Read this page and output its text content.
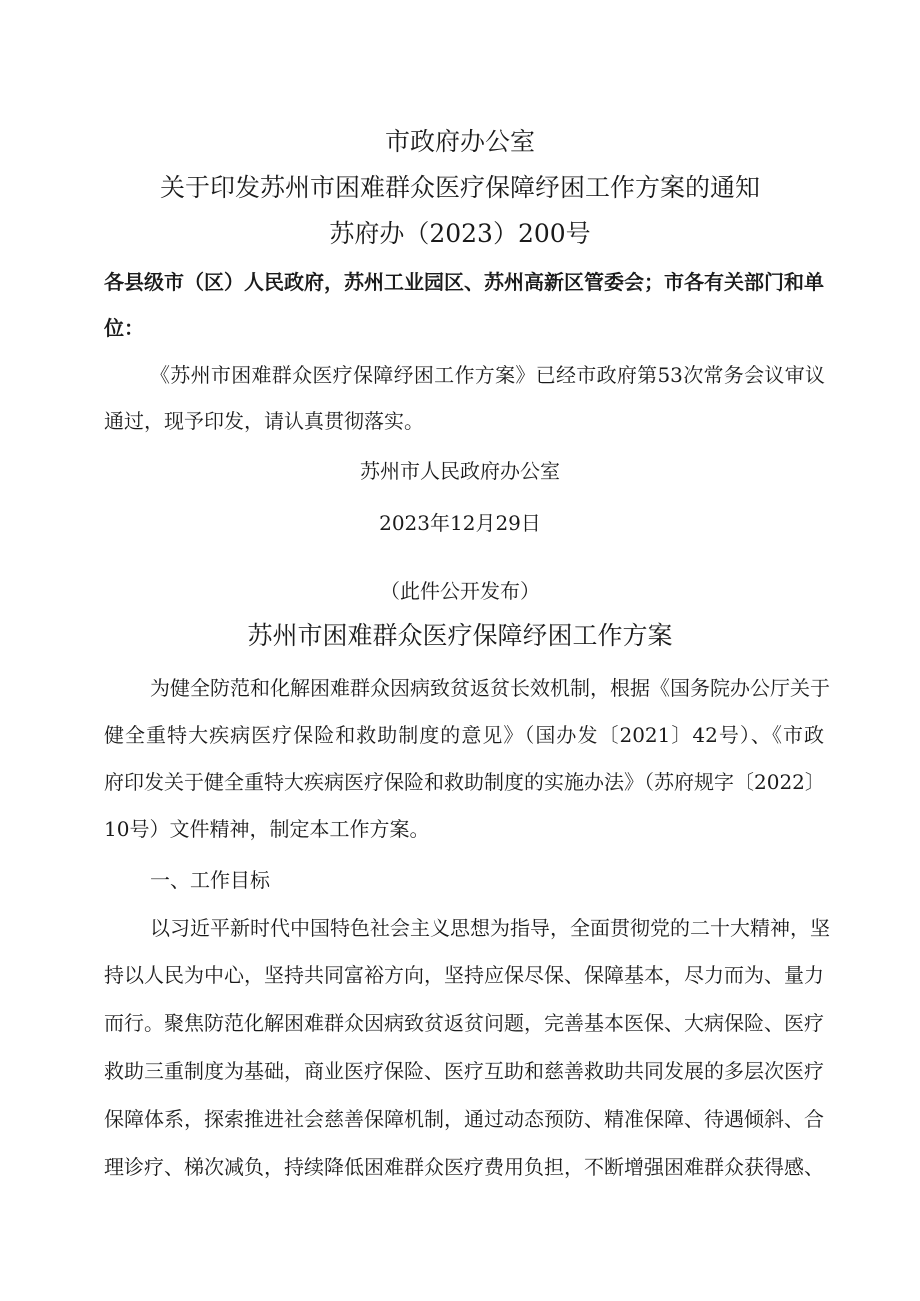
市政府办公室
关于印发苏州市困难群众医疗保障纾困工作方案的通知
苏府办（2023）200号
各县级市（区）人民政府，苏州工业园区、苏州高新区管委会；市各有关部门和单
位：
《苏州市困难群众医疗保障纾困工作方案》已经市政府第53次常务会议审议
通过，现予印发，请认真贯彻落实。
苏州市人民政府办公室
2023年12月29日
（此件公开发布）
苏州市困难群众医疗保障纾困工作方案
为健全防范和化解困难群众因病致贫返贫长效机制，根据《国务院办公厅关于
健全重特大疾病医疗保险和救助制度的意见》（国办发〔2021〕42号）、《市政
府印发关于健全重特大疾病医疗保险和救助制度的实施办法》（苏府规字〔2022〕
10号）文件精神，制定本工作方案。
一、工作目标
以习近平新时代中国特色社会主义思想为指导，全面贯彻党的二十大精神，坚
持以人民为中心，坚持共同富裕方向，坚持应保尽保、保障基本，尽力而为、量力
而行。聚焦防范化解困难群众因病致贫返贫问题，完善基本医保、大病保险、医疗
救助三重制度为基础，商业医疗保险、医疗互助和慈善救助共同发展的多层次医疗
保障体系，探索推进社会慈善保障机制，通过动态预防、精准保障、待遇倾斜、合
理诊疗、梯次减负，持续降低困难群众医疗费用负担，不断增强困难群众获得感、
